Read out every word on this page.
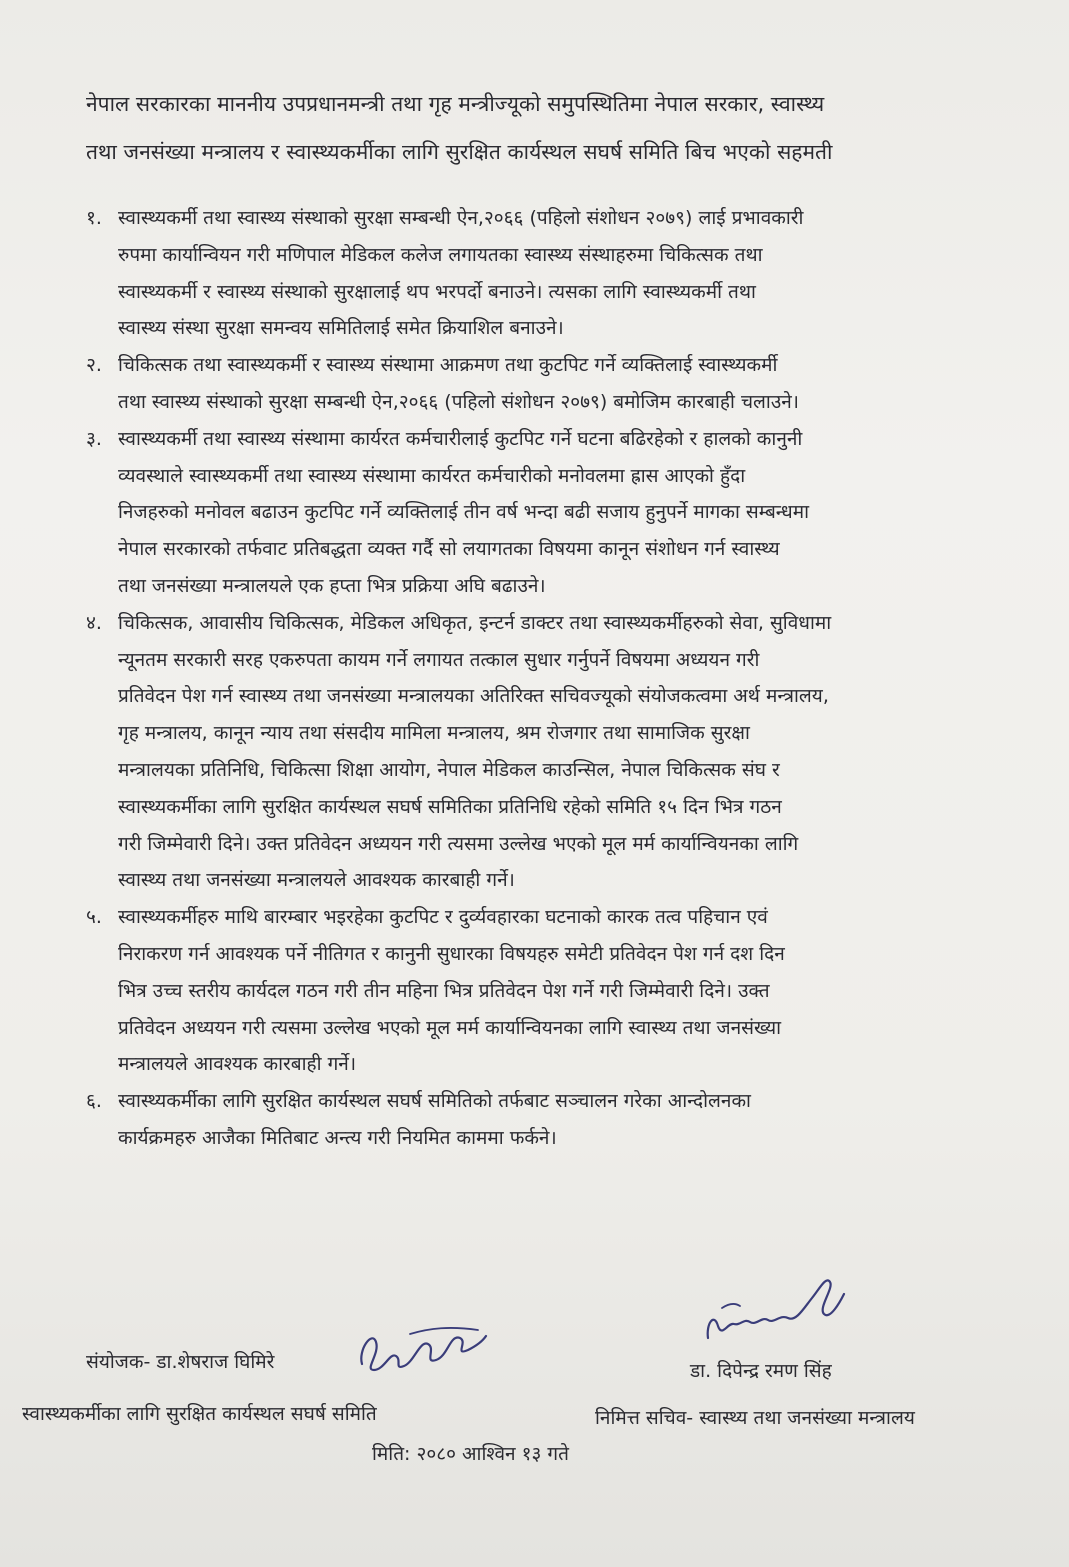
नेपाल सरकारका माननीय उपप्रधानमन्त्री तथा गृह मन्त्रीज्यूको समुपस्थितिमा नेपाल सरकार, स्वास्थ्य
तथा जनसंख्या मन्त्रालय र स्वास्थ्यकर्मीका लागि सुरक्षित कार्यस्थल सघर्ष समिति बिच भएको सहमती
१. स्वास्थ्यकर्मी तथा स्वास्थ्य संस्थाको सुरक्षा सम्बन्धी ऐन,२०६६ (पहिलो संशोधन २०७९) लाई प्रभावकारी
रुपमा कार्यान्वियन गरी मणिपाल मेडिकल कलेज लगायतका स्वास्थ्य संस्थाहरुमा चिकित्सक तथा
स्वास्थ्यकर्मी र स्वास्थ्य संस्थाको सुरक्षालाई थप भरपर्दो बनाउने। त्यसका लागि स्वास्थ्यकर्मी तथा
स्वास्थ्य संस्था सुरक्षा समन्वय समितिलाई समेत क्रियाशिल बनाउने।
२. चिकित्सक तथा स्वास्थ्यकर्मी र स्वास्थ्य संस्थामा आक्रमण तथा कुटपिट गर्ने व्यक्तिलाई स्वास्थ्यकर्मी
तथा स्वास्थ्य संस्थाको सुरक्षा सम्बन्धी ऐन,२०६६ (पहिलो संशोधन २०७९) बमोजिम कारबाही चलाउने।
३. स्वास्थ्यकर्मी तथा स्वास्थ्य संस्थामा कार्यरत कर्मचारीलाई कुटपिट गर्ने घटना बढिरहेको र हालको कानुनी
व्यवस्थाले स्वास्थ्यकर्मी तथा स्वास्थ्य संस्थामा कार्यरत कर्मचारीको मनोवलमा ह्रास आएको हुँदा
निजहरुको मनोवल बढाउन कुटपिट गर्ने व्यक्तिलाई तीन वर्ष भन्दा बढी सजाय हुनुपर्ने मागका सम्बन्धमा
नेपाल सरकारको तर्फवाट प्रतिबद्धता व्यक्त गर्दै सो लयागतका विषयमा कानून संशोधन गर्न स्वास्थ्य
तथा जनसंख्या मन्त्रालयले एक हप्ता भित्र प्रक्रिया अघि बढाउने।
४. चिकित्सक, आवासीय चिकित्सक, मेडिकल अधिकृत, इन्टर्न डाक्टर तथा स्वास्थ्यकर्मीहरुको सेवा, सुविधामा
न्यूनतम सरकारी सरह एकरुपता कायम गर्ने लगायत तत्काल सुधार गर्नुपर्ने विषयमा अध्ययन गरी
प्रतिवेदन पेश गर्न स्वास्थ्य तथा जनसंख्या मन्त्रालयका अतिरिक्त सचिवज्यूको संयोजकत्वमा अर्थ मन्त्रालय,
गृह मन्त्रालय, कानून न्याय तथा संसदीय मामिला मन्त्रालय, श्रम रोजगार तथा सामाजिक सुरक्षा
मन्त्रालयका प्रतिनिधि, चिकित्सा शिक्षा आयोग, नेपाल मेडिकल काउन्सिल, नेपाल चिकित्सक संघ र
स्वास्थ्यकर्मीका लागि सुरक्षित कार्यस्थल सघर्ष समितिका प्रतिनिधि रहेको समिति १५ दिन भित्र गठन
गरी जिम्मेवारी दिने। उक्त प्रतिवेदन अध्ययन गरी त्यसमा उल्लेख भएको मूल मर्म कार्यान्वियनका लागि
स्वास्थ्य तथा जनसंख्या मन्त्रालयले आवश्यक कारबाही गर्ने।
५. स्वास्थ्यकर्मीहरु माथि बारम्बार भइरहेका कुटपिट र दुर्व्यवहारका घटनाको कारक तत्व पहिचान एवं
निराकरण गर्न आवश्यक पर्ने नीतिगत र कानुनी सुधारका विषयहरु समेटी प्रतिवेदन पेश गर्न दश दिन
भित्र उच्च स्तरीय कार्यदल गठन गरी तीन महिना भित्र प्रतिवेदन पेश गर्ने गरी जिम्मेवारी दिने। उक्त
प्रतिवेदन अध्ययन गरी त्यसमा उल्लेख भएको मूल मर्म कार्यान्वियनका लागि स्वास्थ्य तथा जनसंख्या
मन्त्रालयले आवश्यक कारबाही गर्ने।
६. स्वास्थ्यकर्मीका लागि सुरक्षित कार्यस्थल सघर्ष समितिको तर्फबाट सञ्चालन गरेका आन्दोलनका
कार्यक्रमहरु आजैका मितिबाट अन्त्य गरी नियमित काममा फर्कने।
संयोजक- डा.शेषराज घिमिरे
स्वास्थ्यकर्मीका लागि सुरक्षित कार्यस्थल सघर्ष समिति
डा. दिपेन्द्र रमण सिंह
निमित्त सचिव- स्वास्थ्य तथा जनसंख्या मन्त्रालय
मिति: २०८० आश्विन १३ गते
